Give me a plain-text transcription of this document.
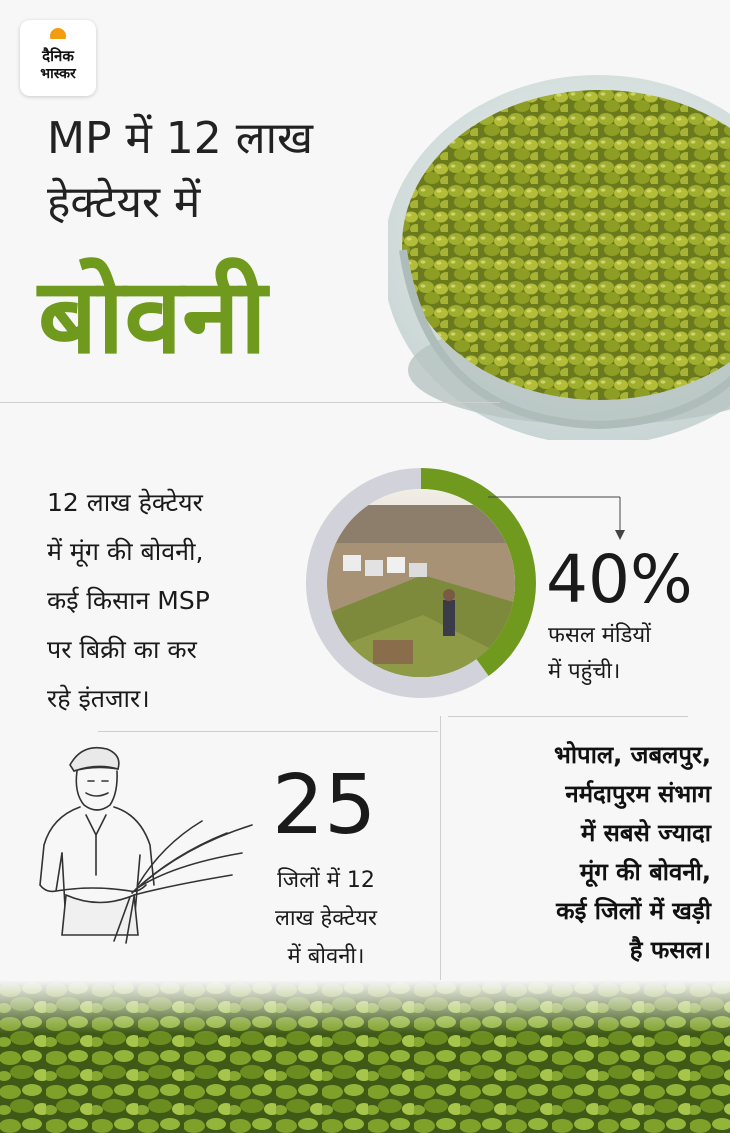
दैनिक
भास्कर
MP में 12 लाख
हेक्टेयर में
बोवनी
12 लाख हेक्टेयर
में मूंग की बोवनी,
कई किसान MSP
पर बिक्री का कर
रहे इंतजार।
40%
फसल मंडियों
में पहुंची।
25
जिलों में 12
लाख हेक्टेयर
में बोवनी।
भोपाल, जबलपुर,
नर्मदापुरम संभाग
में सबसे ज्यादा
मूंग की बोवनी,
कई जिलों में खड़ी
है फसल।
